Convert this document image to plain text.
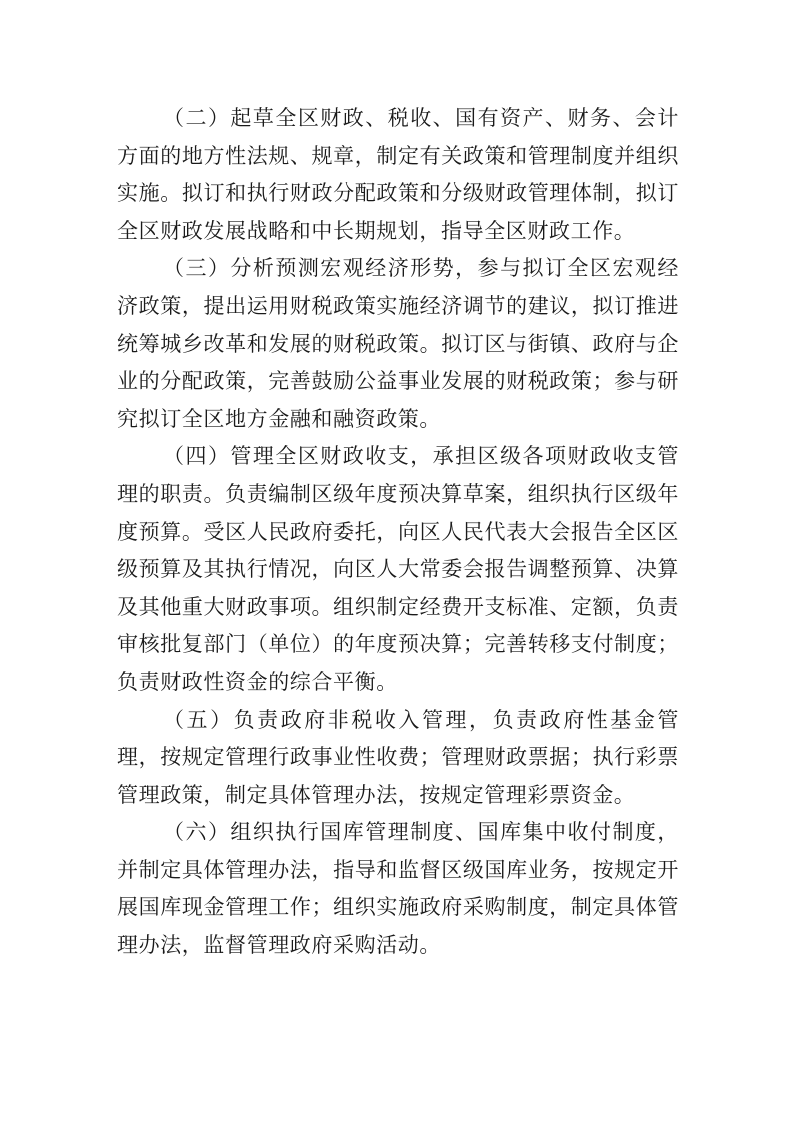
（二）起草全区财政、税收、国有资产、财务、会计方面的地方性法规、规章，制定有关政策和管理制度并组织实施。拟订和执行财政分配政策和分级财政管理体制，拟订全区财政发展战略和中长期规划，指导全区财政工作。

（三）分析预测宏观经济形势，参与拟订全区宏观经济政策，提出运用财税政策实施经济调节的建议，拟订推进统筹城乡改革和发展的财税政策。拟订区与街镇、政府与企业的分配政策，完善鼓励公益事业发展的财税政策；参与研究拟订全区地方金融和融资政策。

（四）管理全区财政收支，承担区级各项财政收支管理的职责。负责编制区级年度预决算草案，组织执行区级年度预算。受区人民政府委托，向区人民代表大会报告全区区级预算及其执行情况，向区人大常委会报告调整预算、决算及其他重大财政事项。组织制定经费开支标准、定额，负责审核批复部门（单位）的年度预决算；完善转移支付制度；负责财政性资金的综合平衡。

（五）负责政府非税收入管理，负责政府性基金管理，按规定管理行政事业性收费；管理财政票据；执行彩票管理政策，制定具体管理办法，按规定管理彩票资金。

（六）组织执行国库管理制度、国库集中收付制度，并制定具体管理办法，指导和监督区级国库业务，按规定开展国库现金管理工作；组织实施政府采购制度，制定具体管理办法，监督管理政府采购活动。
